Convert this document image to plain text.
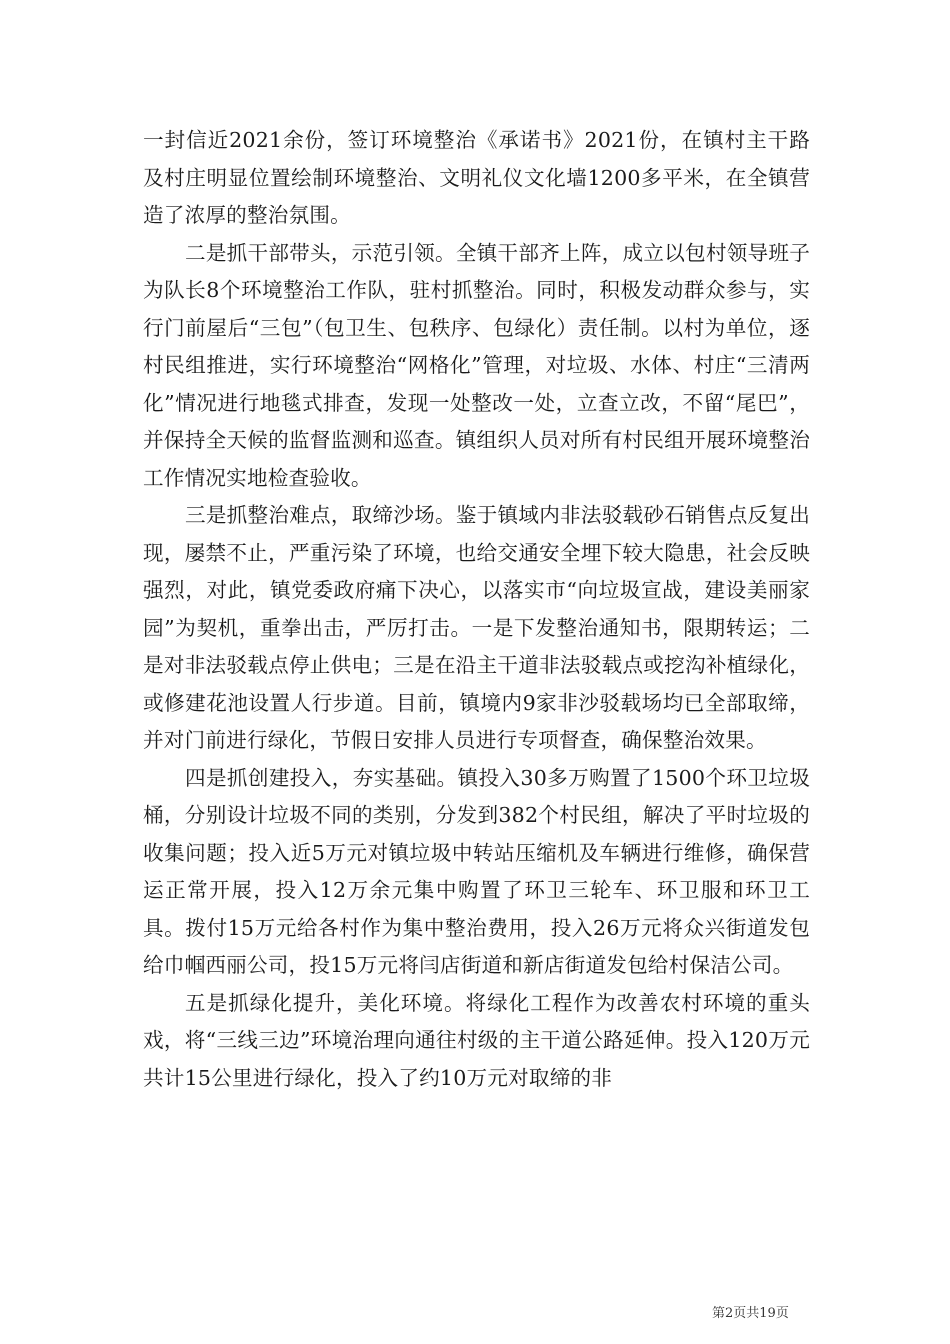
一封信近2021余份，签订环境整治《承诺书》2021份，在镇村主干路及村庄明显位置绘制环境整治、文明礼仪文化墙1200多平米，在全镇营造了浓厚的整治氛围。

二是抓干部带头，示范引领。全镇干部齐上阵，成立以包村领导班子为队长8个环境整治工作队，驻村抓整治。同时，积极发动群众参与，实行门前屋后“三包”（包卫生、包秩序、包绿化）责任制。以村为单位，逐村民组推进，实行环境整治“网格化”管理，对垃圾、水体、村庄“三清两化”情况进行地毯式排查，发现一处整改一处，立查立改，不留“尾巴”，并保持全天候的监督监测和巡查。镇组织人员对所有村民组开展环境整治工作情况实地检查验收。

三是抓整治难点，取缔沙场。鉴于镇域内非法驳载砂石销售点反复出现，屡禁不止，严重污染了环境，也给交通安全埋下较大隐患，社会反映强烈，对此，镇党委政府痛下决心，以落实市“向垃圾宣战，建设美丽家园”为契机，重拳出击，严厉打击。一是下发整治通知书，限期转运；二是对非法驳载点停止供电；三是在沿主干道非法驳载点或挖沟补植绿化，或修建花池设置人行步道。目前，镇境内9家非沙驳载场均已全部取缔，并对门前进行绿化，节假日安排人员进行专项督查，确保整治效果。

四是抓创建投入，夯实基础。镇投入30多万购置了1500个环卫垃圾桶，分别设计垃圾不同的类别，分发到382个村民组，解决了平时垃圾的收集问题；投入近5万元对镇垃圾中转站压缩机及车辆进行维修，确保营运正常开展，投入12万余元集中购置了环卫三轮车、环卫服和环卫工具。拨付15万元给各村作为集中整治费用，投入26万元将众兴街道发包给巾帼西丽公司，投15万元将闫店街道和新店街道发包给村保洁公司。

五是抓绿化提升，美化环境。将绿化工程作为改善农村环境的重头戏，将“三线三边”环境治理向通往村级的主干道公路延伸。投入120万元共计15公里进行绿化，投入了约10万元对取缔的非

第2页共19页
